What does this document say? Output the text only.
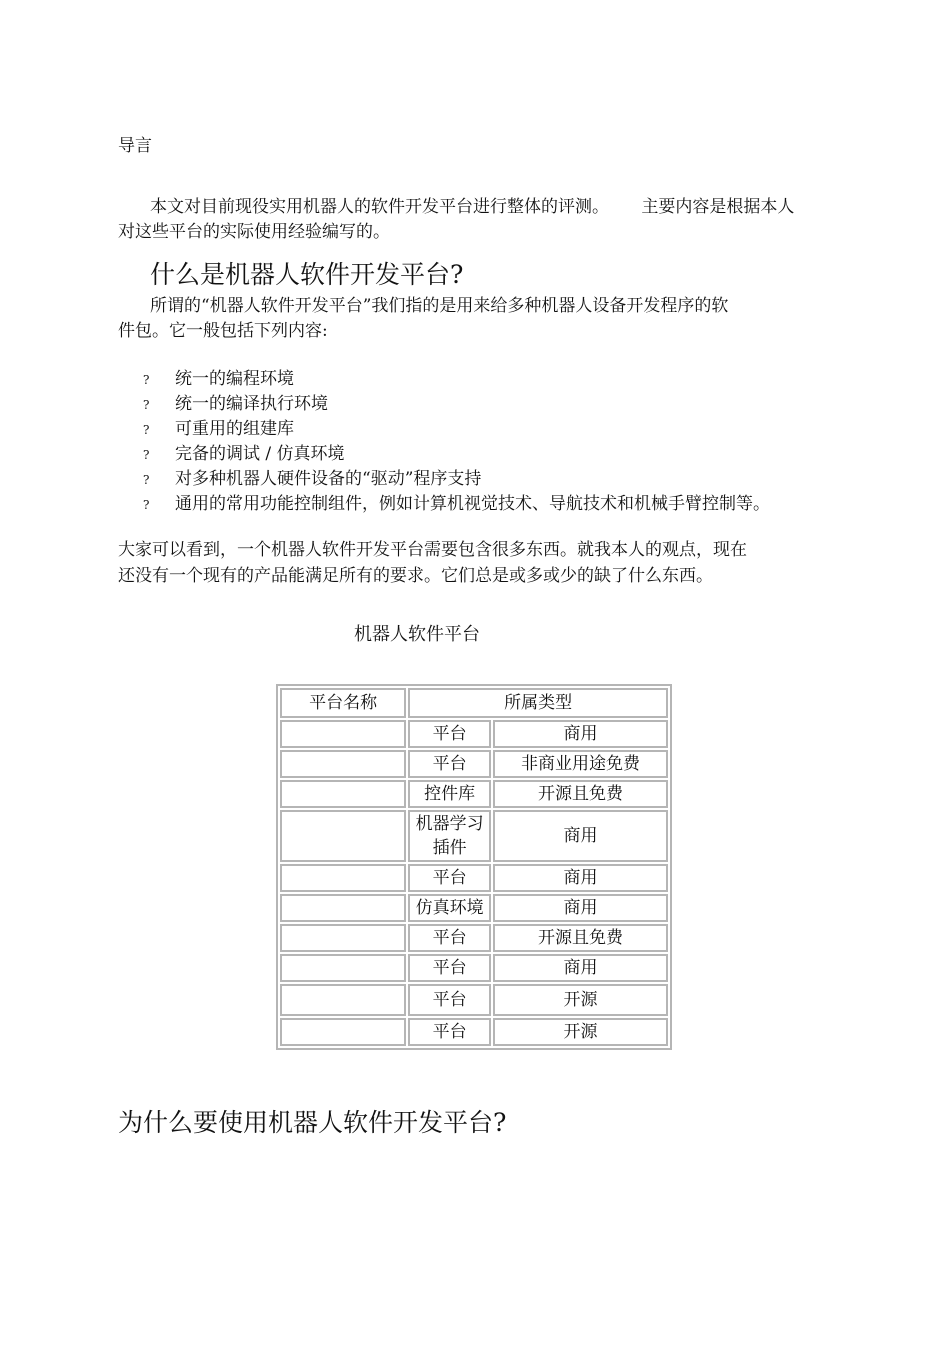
导言
本文对目前现役实用机器人的软件开发平台进行整体的评测。      主要内容是根据本人
对这些平台的实际使用经验编写的。
什么是机器人软件开发平台?
所谓的“机器人软件开发平台”我们指的是用来给多种机器人设备开发程序的软
件包。它一般包括下列内容:
? 统一的编程环境
? 统一的编译执行环境
? 可重用的组建库
? 完备的调试 / 仿真环境
? 对多种机器人硬件设备的“驱动”程序支持
? 通用的常用功能控制组件，例如计算机视觉技术、导航技术和机械手臂控制等。
大家可以看到，一个机器人软件开发平台需要包含很多东西。就我本人的观点，现在
还没有一个现有的产品能满足所有的要求。它们总是或多或少的缺了什么东西。
机器人软件平台
平台名称	所属类型	
	平台	商用
	平台	非商业用途免费
	控件库	开源且免费
	机器学习
插件	商用
	平台	商用
	仿真环境	商用
	平台	开源且免费
	平台	商用
	平台	开源
	平台	开源
为什么要使用机器人软件开发平台?
